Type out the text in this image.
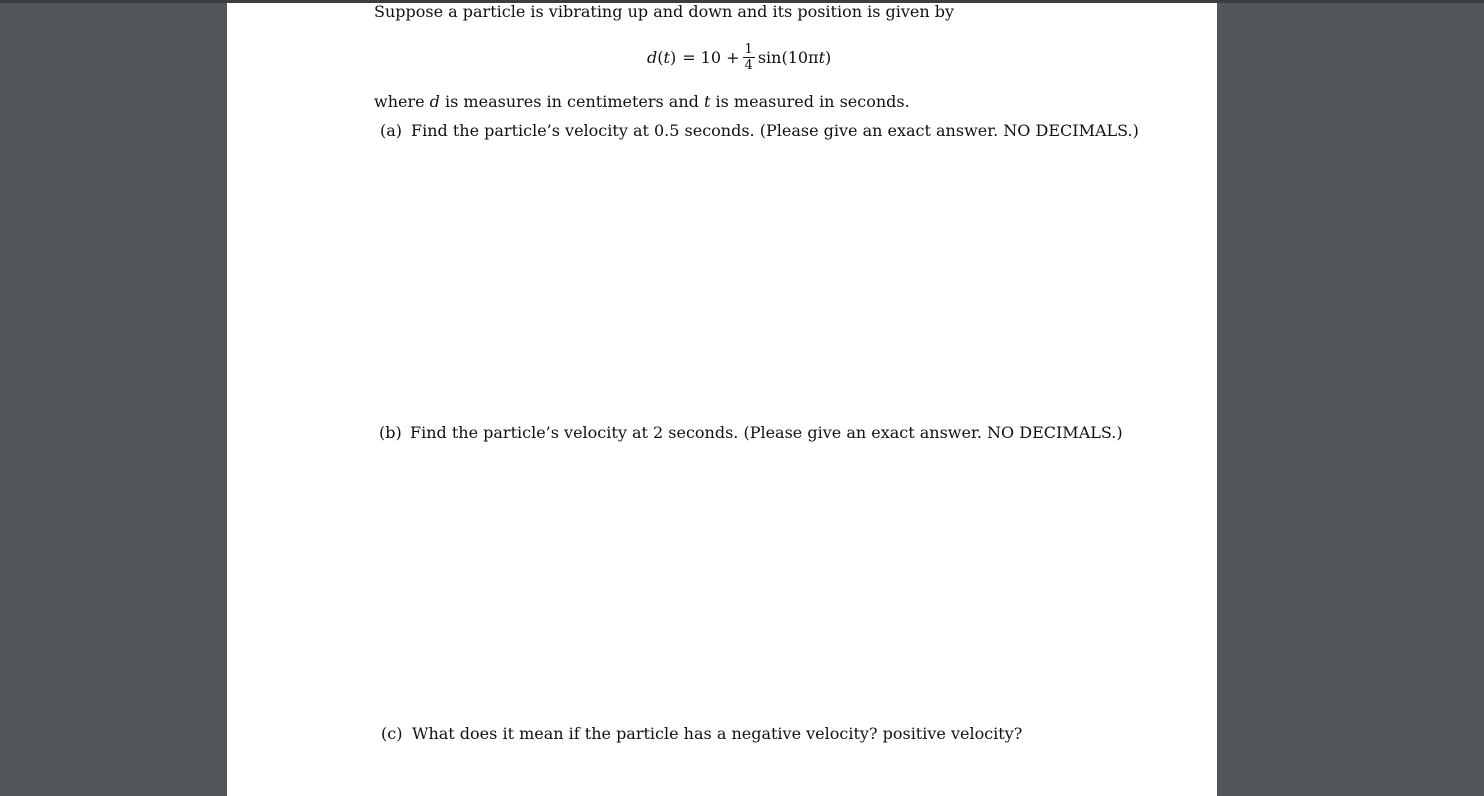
Suppose a particle is vibrating up and down and its position is given by
d ( t ) = $10 + \frac{1}{4} \sin(10\pi$ t )
where d is measures in centimeters and t is measured in seconds.
(a) Find the particle’s velocity at 0.5 seconds. (Please give an exact answer. NO DECIMALS.)
(b) Find the particle’s velocity at 2 seconds. (Please give an exact answer. NO DECIMALS.)
(c) What does it mean if the particle has a negative velocity? positive velocity?
